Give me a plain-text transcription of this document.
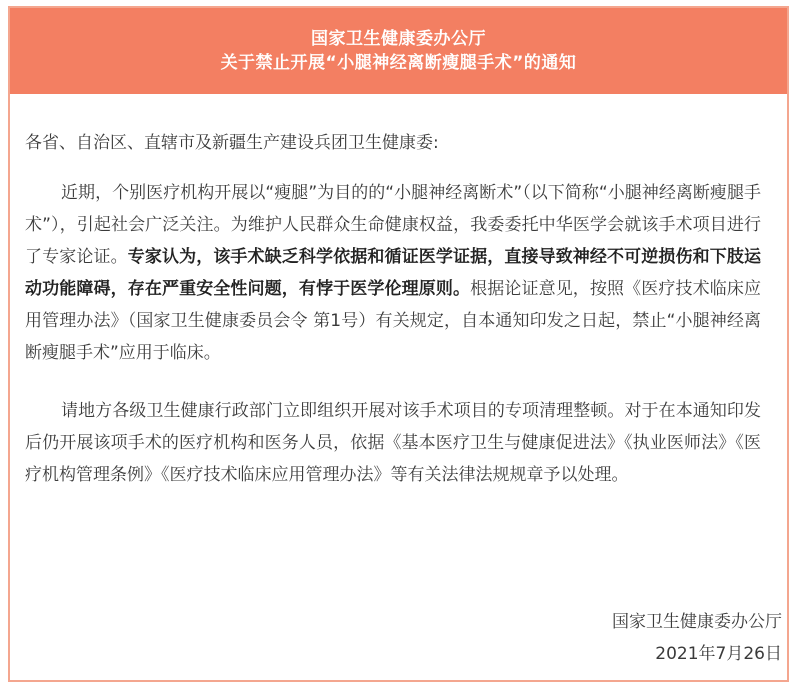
国家卫生健康委办公厅
关于禁止开展“小腿神经离断瘦腿手术”的通知

各省、自治区、直辖市及新疆生产建设兵团卫生健康委:

近期，个别医疗机构开展以“瘦腿”为目的的“小腿神经离断术”（以下简称“小腿神经离断瘦腿手术”），引起社会广泛关注。为维护人民群众生命健康权益，我委委托中华医学会就该手术项目进行了专家论证。专家认为，该手术缺乏科学依据和循证医学证据，直接导致神经不可逆损伤和下肢运动功能障碍，存在严重安全性问题，有悖于医学伦理原则。根据论证意见，按照《医疗技术临床应用管理办法》（国家卫生健康委员会令 第1号）有关规定，自本通知印发之日起，禁止“小腿神经离断瘦腿手术”应用于临床。

请地方各级卫生健康行政部门立即组织开展对该手术项目的专项清理整顿。对于在本通知印发后仍开展该项手术的医疗机构和医务人员，依据《基本医疗卫生与健康促进法》《执业医师法》《医疗机构管理条例》《医疗技术临床应用管理办法》等有关法律法规规章予以处理。

国家卫生健康委办公厅
2021年7月26日
